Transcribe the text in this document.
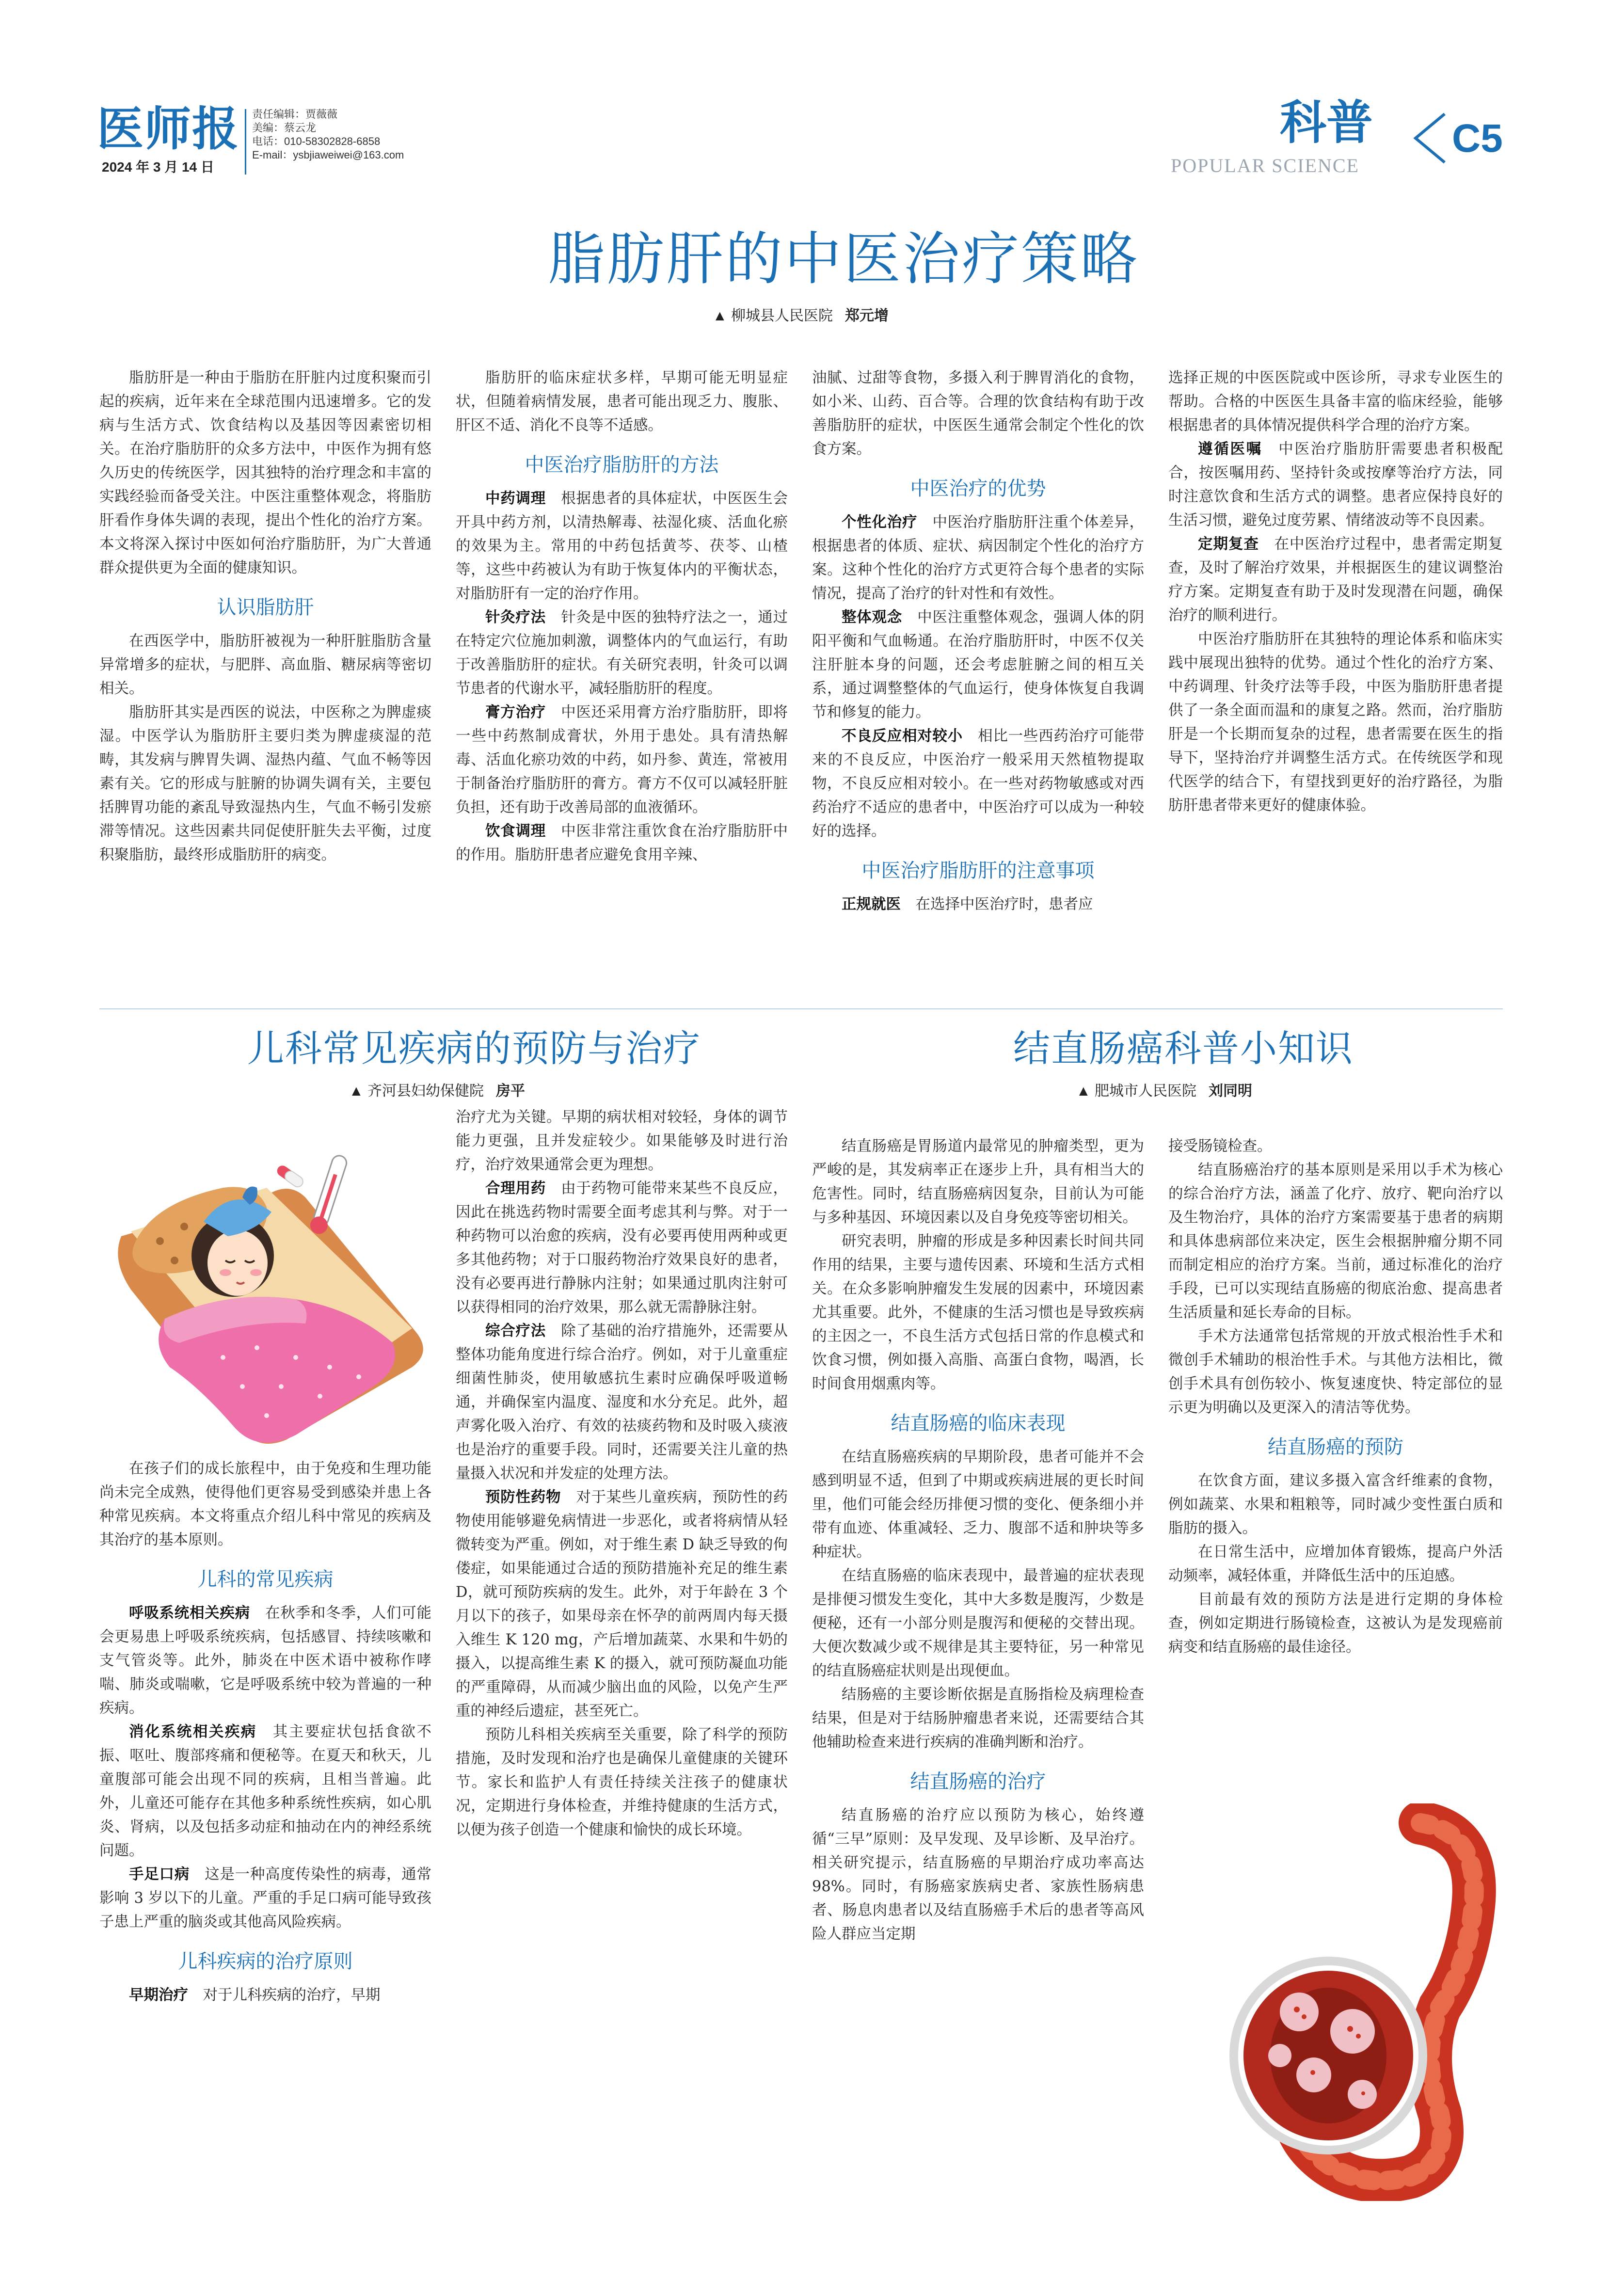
医师报
2024 年 3 月 14 日
责任编辑：贾薇薇
美编：蔡云龙
电话：010-58302828-6858
E-mail：ysbjiaweiwei@163.com
科普
POPULAR SCIENCE
C5
脂肪肝的中医治疗策略
▲ 柳城县人民医院 郑元增

脂肪肝是一种由于脂肪在肝脏内过度积聚而引起的疾病，近年来在全球范围内迅速增多。它的发病与生活方式、饮食结构以及基因等因素密切相关。在治疗脂肪肝的众多方法中，中医作为拥有悠久历史的传统医学，因其独特的治疗理念和丰富的实践经验而备受关注。中医注重整体观念，将脂肪肝看作身体失调的表现，提出个性化的治疗方案。本文将深入探讨中医如何治疗脂肪肝，为广大普通群众提供更为全面的健康知识。

认识脂肪肝

在西医学中，脂肪肝被视为一种肝脏脂肪含量异常增多的症状，与肥胖、高血脂、糖尿病等密切相关。

脂肪肝其实是西医的说法，中医称之为脾虚痰湿。中医学认为脂肪肝主要归类为脾虚痰湿的范畴，其发病与脾胃失调、湿热内蕴、气血不畅等因素有关。它的形成与脏腑的协调失调有关，主要包括脾胃功能的紊乱导致湿热内生，气血不畅引发瘀滞等情况。这些因素共同促使肝脏失去平衡，过度积聚脂肪，最终形成脂肪肝的病变。

脂肪肝的临床症状多样，早期可能无明显症状，但随着病情发展，患者可能出现乏力、腹胀、肝区不适、消化不良等不适感。

中医治疗脂肪肝的方法

中药调理　 根据患者的具体症状，中医医生会开具中药方剂，以清热解毒、祛湿化痰、活血化瘀的效果为主。常用的中药包括黄芩、茯苓、山楂等，这些中药被认为有助于恢复体内的平衡状态，对脂肪肝有一定的治疗作用。

针灸疗法　 针灸是中医的独特疗法之一，通过在特定穴位施加刺激，调整体内的气血运行，有助于改善脂肪肝的症状。有关研究表明，针灸可以调节患者的代谢水平，减轻脂肪肝的程度。

膏方治疗　 中医还采用膏方治疗脂肪肝，即将一些中药熬制成膏状，外用于患处。具有清热解毒、活血化瘀功效的中药，如丹参、黄连，常被用于制备治疗脂肪肝的膏方。膏方不仅可以减轻肝脏负担，还有助于改善局部的血液循环。

饮食调理　 中医非常注重饮食在治疗脂肪肝中的作用。脂肪肝患者应避免食用辛辣、

油腻、过甜等食物，多摄入利于脾胃消化的食物，如小米、山药、百合等。合理的饮食结构有助于改善脂肪肝的症状，中医医生通常会制定个性化的饮食方案。

中医治疗的优势

个性化治疗　 中医治疗脂肪肝注重个体差异，根据患者的体质、症状、病因制定个性化的治疗方案。这种个性化的治疗方式更符合每个患者的实际情况，提高了治疗的针对性和有效性。

整体观念　 中医注重整体观念，强调人体的阴阳平衡和气血畅通。在治疗脂肪肝时，中医不仅关注肝脏本身的问题，还会考虑脏腑之间的相互关系，通过调整整体的气血运行，使身体恢复自我调节和修复的能力。

不良反应相对较小　 相比一些西药治疗可能带来的不良反应，中医治疗一般采用天然植物提取物，不良反应相对较小。在一些对药物敏感或对西药治疗不适应的患者中，中医治疗可以成为一种较好的选择。

中医治疗脂肪肝的注意事项

正规就医　 在选择中医治疗时，患者应

选择正规的中医医院或中医诊所，寻求专业医生的帮助。合格的中医医生具备丰富的临床经验，能够根据患者的具体情况提供科学合理的治疗方案。

遵循医嘱　 中医治疗脂肪肝需要患者积极配合，按医嘱用药、坚持针灸或按摩等治疗方法，同时注意饮食和生活方式的调整。患者应保持良好的生活习惯，避免过度劳累、情绪波动等不良因素。

定期复查　 在中医治疗过程中，患者需定期复查，及时了解治疗效果，并根据医生的建议调整治疗方案。定期复查有助于及时发现潜在问题，确保治疗的顺利进行。

中医治疗脂肪肝在其独特的理论体系和临床实践中展现出独特的优势。通过个性化的治疗方案、中药调理、针灸疗法等手段，中医为脂肪肝患者提供了一条全面而温和的康复之路。然而，治疗脂肪肝是一个长期而复杂的过程，患者需要在医生的指导下，坚持治疗并调整生活方式。在传统医学和现代医学的结合下，有望找到更好的治疗路径，为脂肪肝患者带来更好的健康体验。

儿科常见疾病的预防与治疗
▲ 齐河县妇幼保健院 房平

在孩子们的成长旅程中，由于免疫和生理功能尚未完全成熟，使得他们更容易受到感染并患上各种常见疾病。本文将重点介绍儿科中常见的疾病及其治疗的基本原则。

儿科的常见疾病

呼吸系统相关疾病　 在秋季和冬季，人们可能会更易患上呼吸系统疾病，包括感冒、持续咳嗽和支气管炎等。此外，肺炎在中医术语中被称作哮喘、肺炎或喘嗽，它是呼吸系统中较为普遍的一种疾病。

消化系统相关疾病　 其主要症状包括食欲不振、呕吐、腹部疼痛和便秘等。在夏天和秋天，儿童腹部可能会出现不同的疾病，且相当普遍。此外，儿童还可能存在其他多种系统性疾病，如心肌炎、肾病，以及包括多动症和抽动在内的神经系统问题。

手足口病　 这是一种高度传染性的病毒，通常影响 3 岁以下的儿童。严重的手足口病可能导致孩子患上严重的脑炎或其他高风险疾病。

儿科疾病的治疗原则

早期治疗　 对于儿科疾病的治疗，早期

治疗尤为关键。早期的病状相对较轻，身体的调节能力更强，且并发症较少。如果能够及时进行治疗，治疗效果通常会更为理想。

合理用药　 由于药物可能带来某些不良反应，因此在挑选药物时需要全面考虑其利与弊。对于一种药物可以治愈的疾病，没有必要再使用两种或更多其他药物；对于口服药物治疗效果良好的患者，没有必要再进行静脉内注射；如果通过肌肉注射可以获得相同的治疗效果，那么就无需静脉注射。

综合疗法　 除了基础的治疗措施外，还需要从整体功能角度进行综合治疗。例如，对于儿童重症细菌性肺炎，使用敏感抗生素时应确保呼吸道畅通，并确保室内温度、湿度和水分充足。此外，超声雾化吸入治疗、有效的祛痰药物和及时吸入痰液也是治疗的重要手段。同时，还需要关注儿童的热量摄入状况和并发症的处理方法。

预防性药物　 对于某些儿童疾病，预防性的药物使用能够避免病情进一步恶化，或者将病情从轻微转变为严重。例如，对于维生素 D 缺乏导致的佝偻症，如果能通过合适的预防措施补充足的维生素 D，就可预防疾病的发生。此外，对于年龄在 3 个月以下的孩子，如果母亲在怀孕的前两周内每天摄入维生 K 120 mg，产后增加蔬菜、水果和牛奶的摄入，以提高维生素 K 的摄入，就可预防凝血功能的严重障碍，从而减少脑出血的风险，以免产生严重的神经后遗症，甚至死亡。

预防儿科相关疾病至关重要，除了科学的预防措施，及时发现和治疗也是确保儿童健康的关键环节。家长和监护人有责任持续关注孩子的健康状况，定期进行身体检查，并维持健康的生活方式，以便为孩子创造一个健康和愉快的成长环境。

结直肠癌科普小知识
▲ 肥城市人民医院 刘同明

结直肠癌是胃肠道内最常见的肿瘤类型，更为严峻的是，其发病率正在逐步上升，具有相当大的危害性。同时，结直肠癌病因复杂，目前认为可能与多种基因、环境因素以及自身免疫等密切相关。

研究表明，肿瘤的形成是多种因素长时间共同作用的结果，主要与遗传因素、环境和生活方式相关。在众多影响肿瘤发生发展的因素中，环境因素尤其重要。此外，不健康的生活习惯也是导致疾病的主因之一，不良生活方式包括日常的作息模式和饮食习惯，例如摄入高脂、高蛋白食物，喝酒，长时间食用烟熏肉等。

结直肠癌的临床表现

在结直肠癌疾病的早期阶段，患者可能并不会感到明显不适，但到了中期或疾病进展的更长时间里，他们可能会经历排便习惯的变化、便条细小并带有血迹、体重减轻、乏力、腹部不适和肿块等多种症状。

在结直肠癌的临床表现中，最普遍的症状表现是排便习惯发生变化，其中大多数是腹泻，少数是便秘，还有一小部分则是腹泻和便秘的交替出现。大便次数减少或不规律是其主要特征，另一种常见的结直肠癌症状则是出现便血。

结肠癌的主要诊断依据是直肠指检及病理检查结果，但是对于结肠肿瘤患者来说，还需要结合其他辅助检查来进行疾病的准确判断和治疗。

结直肠癌的治疗

结直肠癌的治疗应以预防为核心，始终遵循“三早”原则：及早发现、及早诊断、及早治疗。相关研究提示，结直肠癌的早期治疗成功率高达 98%。同时，有肠癌家族病史者、家族性肠病患者、肠息肉患者以及结直肠癌手术后的患者等高风险人群应当定期

接受肠镜检查。

结直肠癌治疗的基本原则是采用以手术为核心的综合治疗方法，涵盖了化疗、放疗、靶向治疗以及生物治疗，具体的治疗方案需要基于患者的病期和具体患病部位来决定，医生会根据肿瘤分期不同而制定相应的治疗方案。当前，通过标准化的治疗手段，已可以实现结直肠癌的彻底治愈、提高患者生活质量和延长寿命的目标。

手术方法通常包括常规的开放式根治性手术和微创手术辅助的根治性手术。与其他方法相比，微创手术具有创伤较小、恢复速度快、特定部位的显示更为明确以及更深入的清洁等优势。

结直肠癌的预防

在饮食方面，建议多摄入富含纤维素的食物，例如蔬菜、水果和粗粮等，同时减少变性蛋白质和脂肪的摄入。

在日常生活中，应增加体育锻炼，提高户外活动频率，减轻体重，并降低生活中的压迫感。

目前最有效的预防方法是进行定期的身体检查，例如定期进行肠镜检查，这被认为是发现癌前病变和结直肠癌的最佳途径。
